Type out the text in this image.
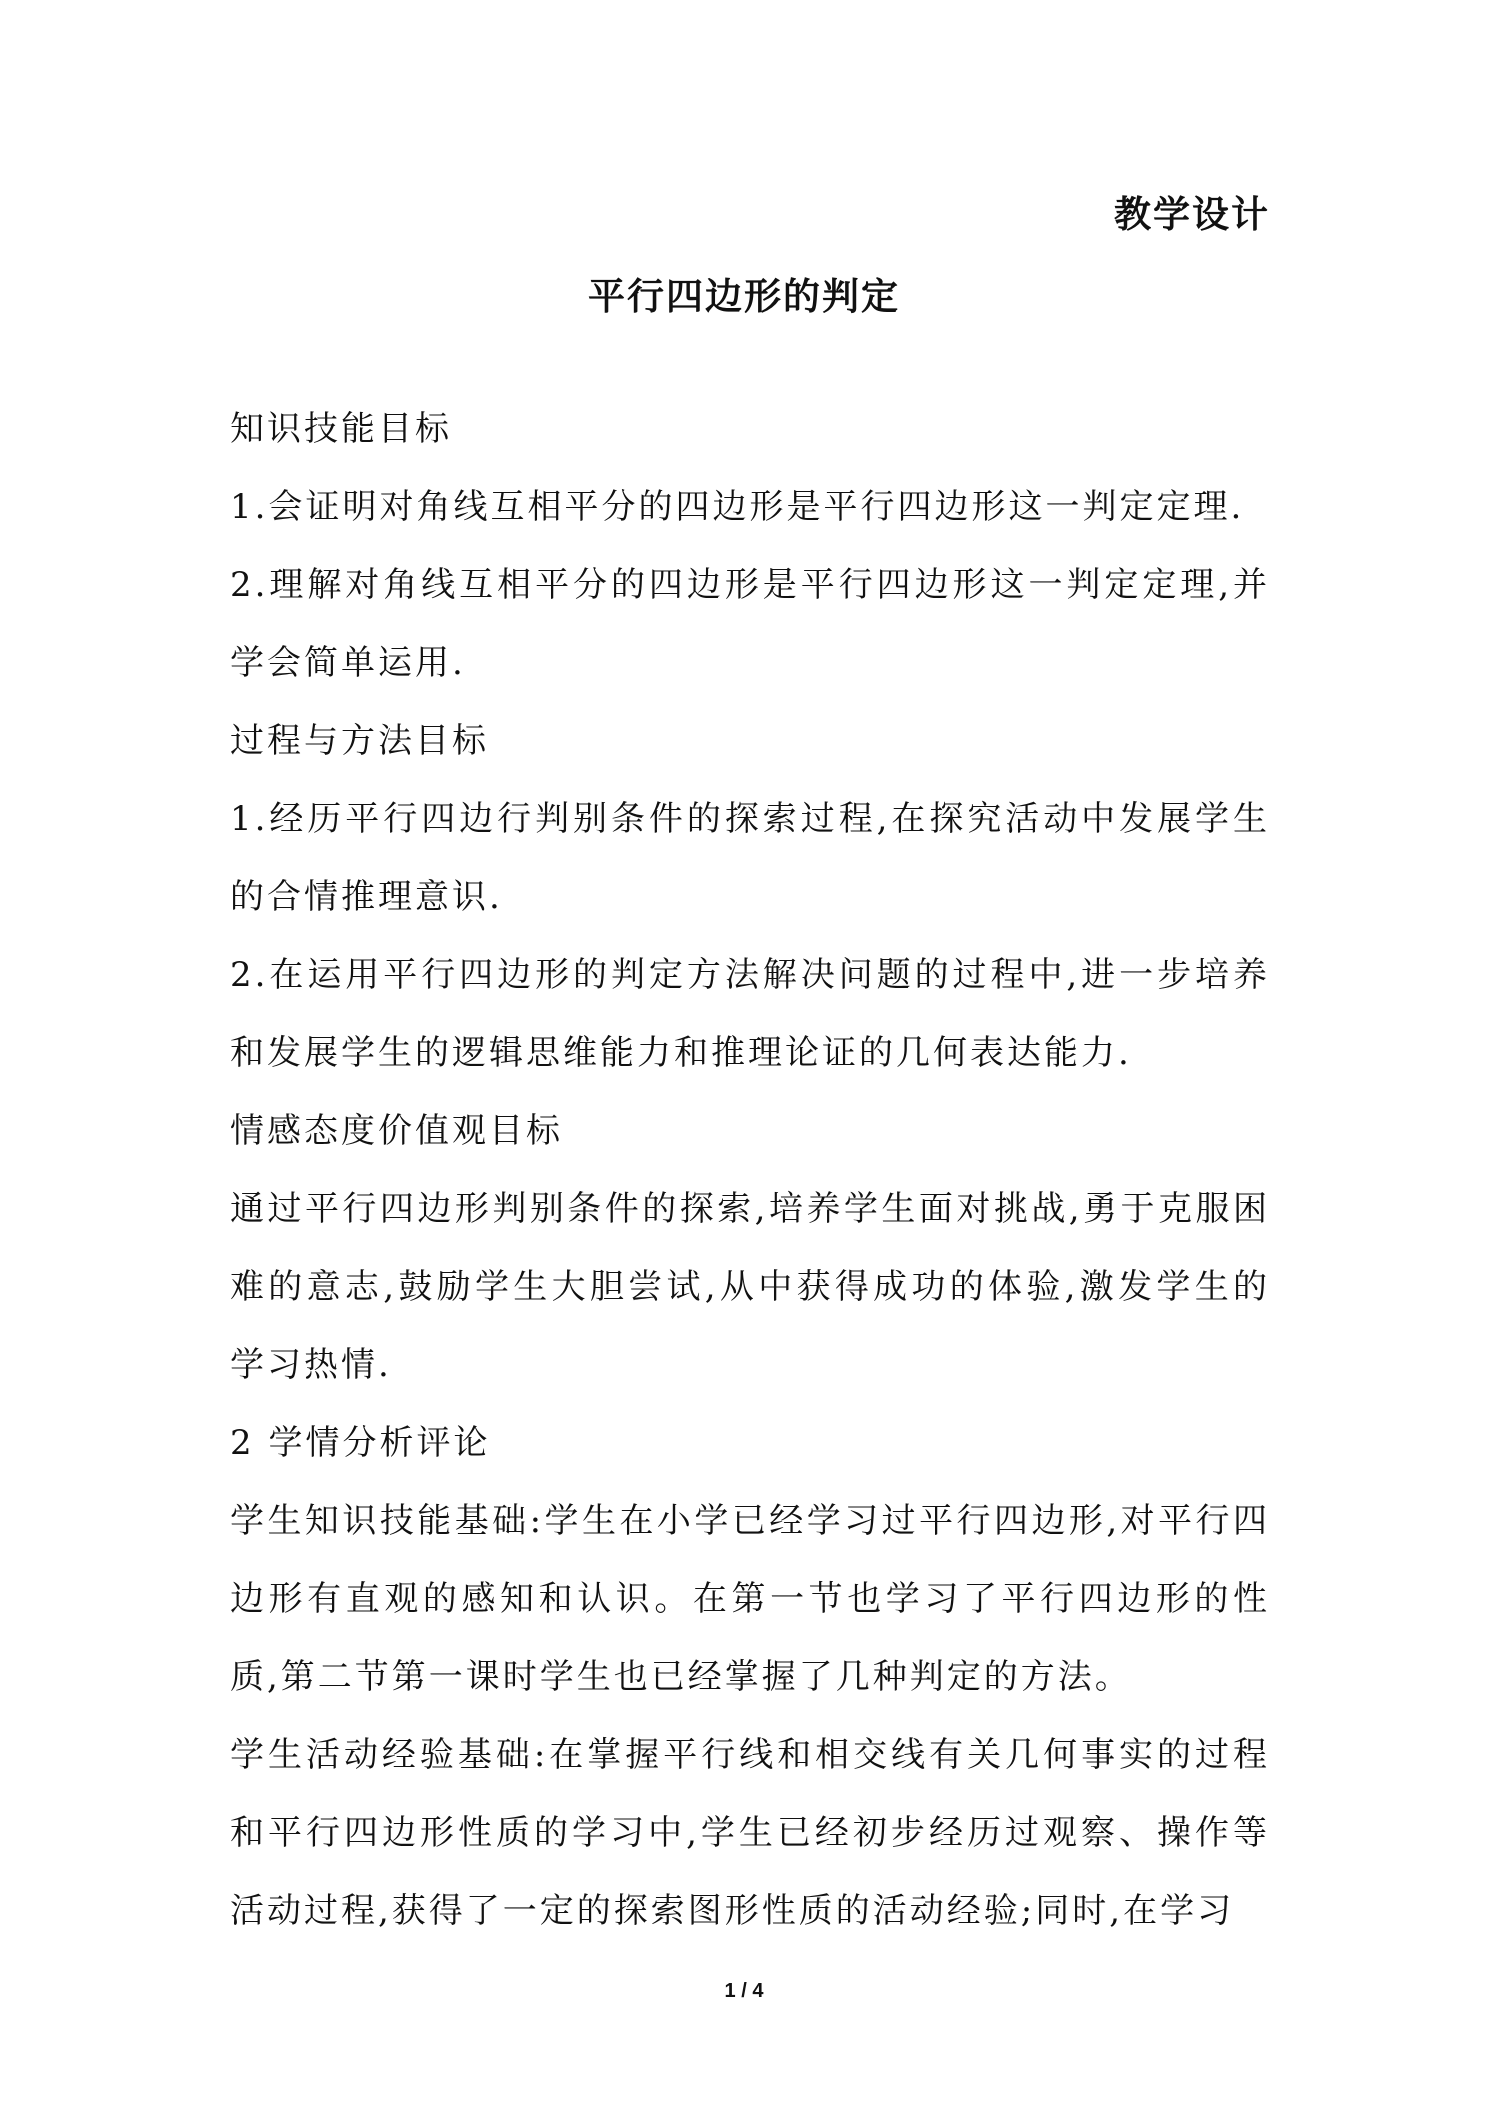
教学设计
平行四边形的判定

知识技能目标

1.会证明对角线互相平分的四边形是平行四边形这一判定定理.

2.理解对角线互相平分的四边形是平行四边形这一判定定理,并学会简单运用.

过程与方法目标

1.经历平行四边行判别条件的探索过程,在探究活动中发展学生的合情推理意识.

2.在运用平行四边形的判定方法解决问题的过程中,进一步培养和发展学生的逻辑思维能力和推理论证的几何表达能力.

情感态度价值观目标

通过平行四边形判别条件的探索,培养学生面对挑战,勇于克服困难的意志,鼓励学生大胆尝试,从中获得成功的体验,激发学生的学习热情.

2 学情分析评论

学生知识技能基础:学生在小学已经学习过平行四边形,对平行四边形有直观的感知和认识。在第一节也学习了平行四边形的性质,第二节第一课时学生也已经掌握了几种判定的方法。

学生活动经验基础:在掌握平行线和相交线有关几何事实的过程和平行四边形性质的学习中,学生已经初步经历过观察、操作等活动过程,获得了一定的探索图形性质的活动经验;同时,在学习

1 / 4
